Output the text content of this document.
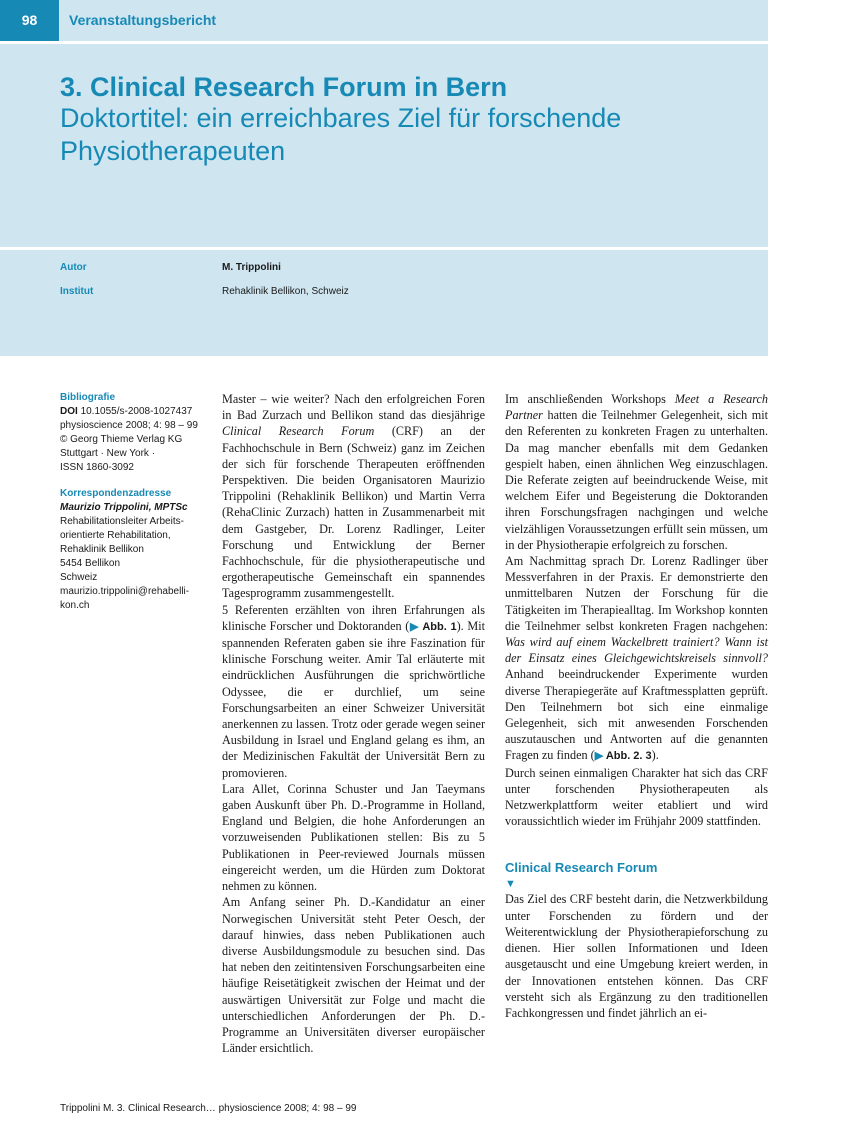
98	Veranstaltungsbericht
3. Clinical Research Forum in Bern
Doktortitel: ein erreichbares Ziel für forschende Physiotherapeuten
Autor	M. Trippolini
Institut	Rehaklinik Bellikon, Schweiz
Bibliografie
DOI 10.1055/s-2008-1027437
physioscience 2008; 4: 98 – 99
© Georg Thieme Verlag KG
Stuttgart · New York ·
ISSN 1860-3092
Korrespondenzadresse
Maurizio Trippolini, MPTSc
Rehabilitationsleiter Arbeits-
orientierte Rehabilitation,
Rehaklinik Bellikon
5454 Bellikon
Schweiz
maurizio.trippolini@rehabelli-
kon.ch

Master – wie weiter? Nach den erfolgreichen Foren in Bad Zurzach und Bellikon stand das diesjährige Clinical Research Forum (CRF) an der Fachhochschule in Bern (Schweiz) ganz im Zeichen der sich für forschende Therapeuten eröffnenden Perspektiven. Die beiden Organisatoren Maurizio Trippolini (Rehaklinik Bellikon) und Martin Verra (RehaClinic Zurzach) hatten in Zusammenarbeit mit dem Gastgeber, Dr. Lorenz Radlinger, Leiter Forschung und Entwicklung der Berner Fachhochschule, für die physiotherapeutische und ergotherapeutische Gemeinschaft ein spannendes Tagesprogramm zusammengestellt.

5 Referenten erzählten von ihren Erfahrungen als klinische Forscher und Doktoranden (▶ Abb. 1). Mit spannenden Referaten gaben sie ihre Faszination für klinische Forschung weiter. Amir Tal erläuterte mit eindrücklichen Ausführungen die sprichwörtliche Odyssee, die er durchlief, um seine Forschungsarbeiten an einer Schweizer Universität anerkennen zu lassen. Trotz oder gerade wegen seiner Ausbildung in Israel und England gelang es ihm, an der Medizinischen Fakultät der Universität Bern zu promovieren.

Lara Allet, Corinna Schuster und Jan Taeymans gaben Auskunft über Ph. D.-Programme in Holland, England und Belgien, die hohe Anforderungen an vorzuweisenden Publikationen stellen: Bis zu 5 Publikationen in Peer-reviewed Journals müssen eingereicht werden, um die Hürden zum Doktorat nehmen zu können.

Am Anfang seiner Ph. D.-Kandidatur an einer Norwegischen Universität steht Peter Oesch, der darauf hinwies, dass neben Publikationen auch diverse Ausbildungsmodule zu besuchen sind. Das hat neben den zeitintensiven Forschungsarbeiten eine häufige Reisetätigkeit zwischen der Heimat und der auswärtigen Universität zur Folge und macht die unterschiedlichen Anforderungen der Ph. D.-Programme an Universitäten diverser europäischer Länder ersichtlich.

Im anschließenden Workshops Meet a Research Partner hatten die Teilnehmer Gelegenheit, sich mit den Referenten zu konkreten Fragen zu unterhalten. Da mag mancher ebenfalls mit dem Gedanken gespielt haben, einen ähnlichen Weg einzuschlagen. Die Referate zeigten auf beeindruckende Weise, mit welchem Eifer und Begeisterung die Doktoranden ihren Forschungsfragen nachgingen und welche vielzähligen Voraussetzungen erfüllt sein müssen, um in der Physiotherapie erfolgreich zu forschen.

Am Nachmittag sprach Dr. Lorenz Radlinger über Messverfahren in der Praxis. Er demonstrierte den unmittelbaren Nutzen der Forschung für die Tätigkeiten im Therapiealltag. Im Workshop konnten die Teilnehmer selbst konkreten Fragen nachgehen: Was wird auf einem Wackelbrett trainiert? Wann ist der Einsatz eines Gleichgewichtskreisels sinnvoll? Anhand beeindruckender Experimente wurden diverse Therapiegeräte auf Kraftmessplatten geprüft. Den Teilnehmern bot sich eine einmalige Gelegenheit, sich mit anwesenden Forschenden auszutauschen und Antworten auf die genannten Fragen zu finden (▶ Abb. 2. 3).

Durch seinen einmaligen Charakter hat sich das CRF unter forschenden Physiotherapeuten als Netzwerkplattform weiter etabliert und wird voraussichtlich wieder im Frühjahr 2009 stattfinden.

Clinical Research Forum
▼

Das Ziel des CRF besteht darin, die Netzwerkbildung unter Forschenden zu fördern und der Weiterentwicklung der Physiotherapieforschung zu dienen. Hier sollen Informationen und Ideen ausgetauscht und eine Umgebung kreiert werden, in der Innovationen entstehen können. Das CRF versteht sich als Ergänzung zu den traditionellen Fachkongressen und findet jährlich an ei-

Trippolini M. 3. Clinical Research… physioscience 2008; 4: 98 – 99
